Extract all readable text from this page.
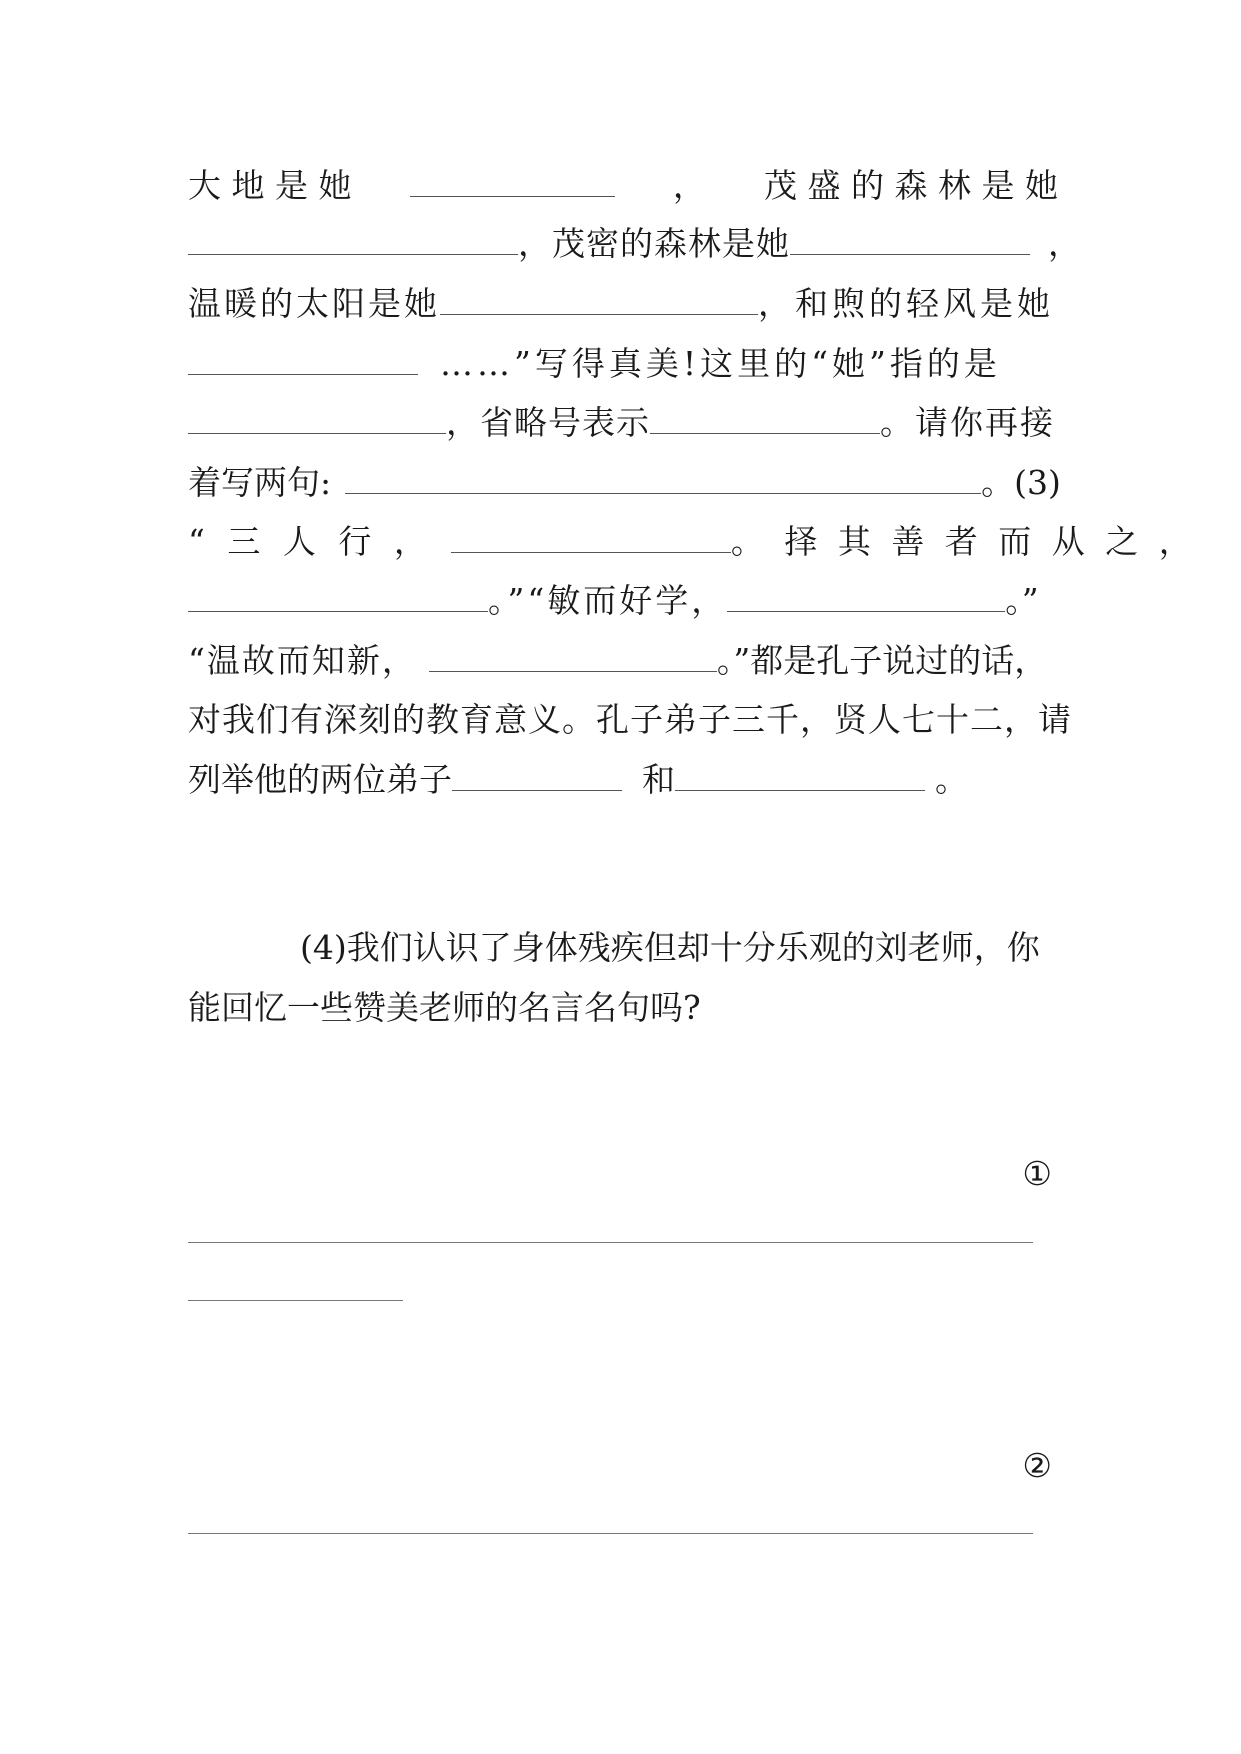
大 地 是 她	， 茂 盛 的 森 林 是 她
，茂密的森林是她	，
温暖的太阳是她	，和煦的轻风是她
……”写得真美!这里的“她”指的是
，省略号表示	。请你再接
着写两句:	。(3)
“ 三 人 行 ，	。 择 其 善 者 而 从 之 ，
。”“敏而好学，	。”
“温故而知新，	。”都是孔子说过的话，
对我们有深刻的教育意义。孔子弟子三千，贤人七十二，请
列举他的两位弟子	和	。
(4)我们认识了身体残疾但却十分乐观的刘老师，你
能回忆一些赞美老师的名言名句吗?
①
②
